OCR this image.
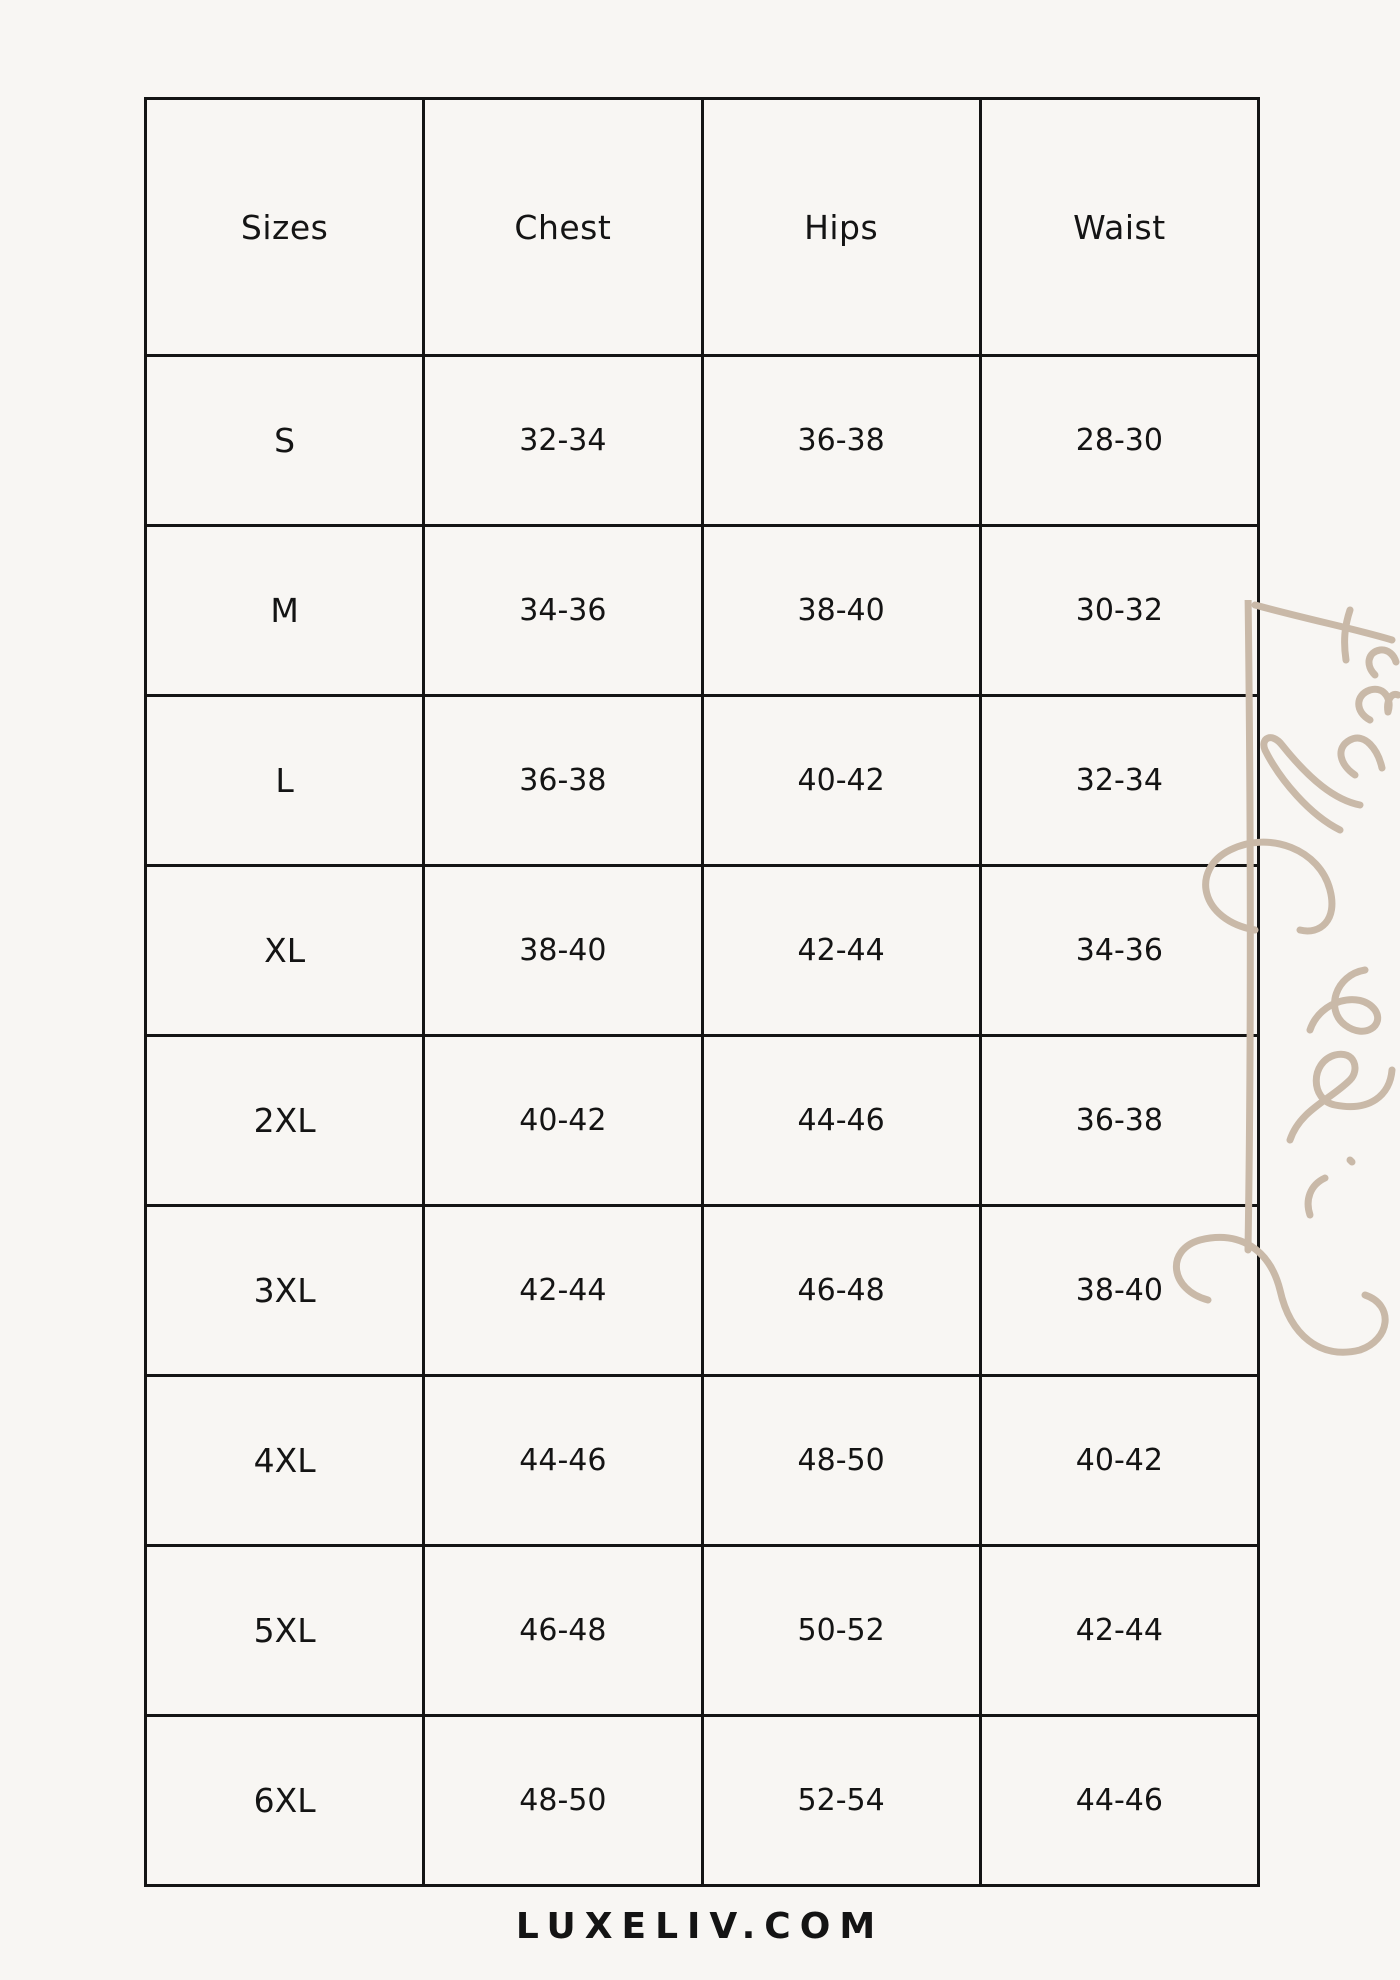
Sizes	Chest	Hips	Waist
S	32-34	36-38	28-30
M	34-36	38-40	30-32
L	36-38	40-42	32-34
XL	38-40	42-44	34-36
2XL	40-42	44-46	36-38
3XL	42-44	46-48	38-40
4XL	44-46	48-50	40-42
5XL	46-48	50-52	42-44
6XL	48-50	52-54	44-46
LUXELIV.COM
